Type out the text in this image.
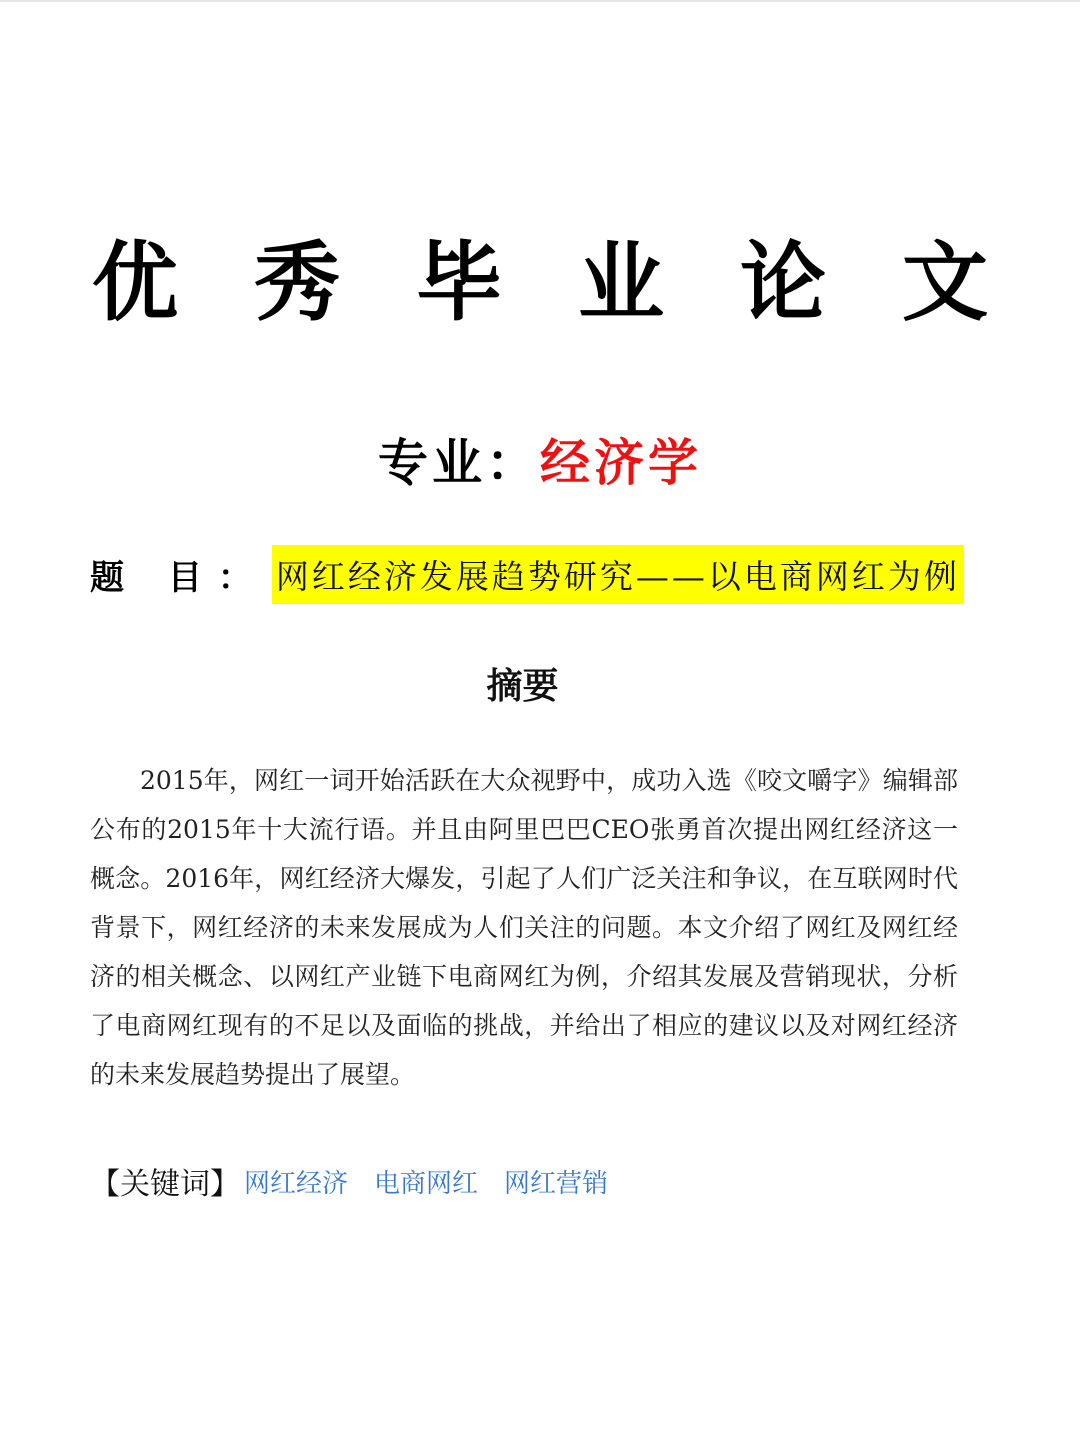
优 秀 毕 业 论 文
专业：经济学
题 目： 网红经济发展趋势研究——以电商网红为例
摘要
2015年，网红一词开始活跃在大众视野中，成功入选《咬文嚼字》编辑部公布的2015年十大流行语。并且由阿里巴巴CEO张勇首次提出网红经济这一概念。2016年，网红经济大爆发，引起了人们广泛关注和争议，在互联网时代背景下，网红经济的未来发展成为人们关注的问题。本文介绍了网红及网红经济的相关概念、以网红产业链下电商网红为例，介绍其发展及营销现状，分析了电商网红现有的不足以及面临的挑战，并给出了相应的建议以及对网红经济的未来发展趋势提出了展望。
【关键词】 网红经济 电商网红 网红营销
